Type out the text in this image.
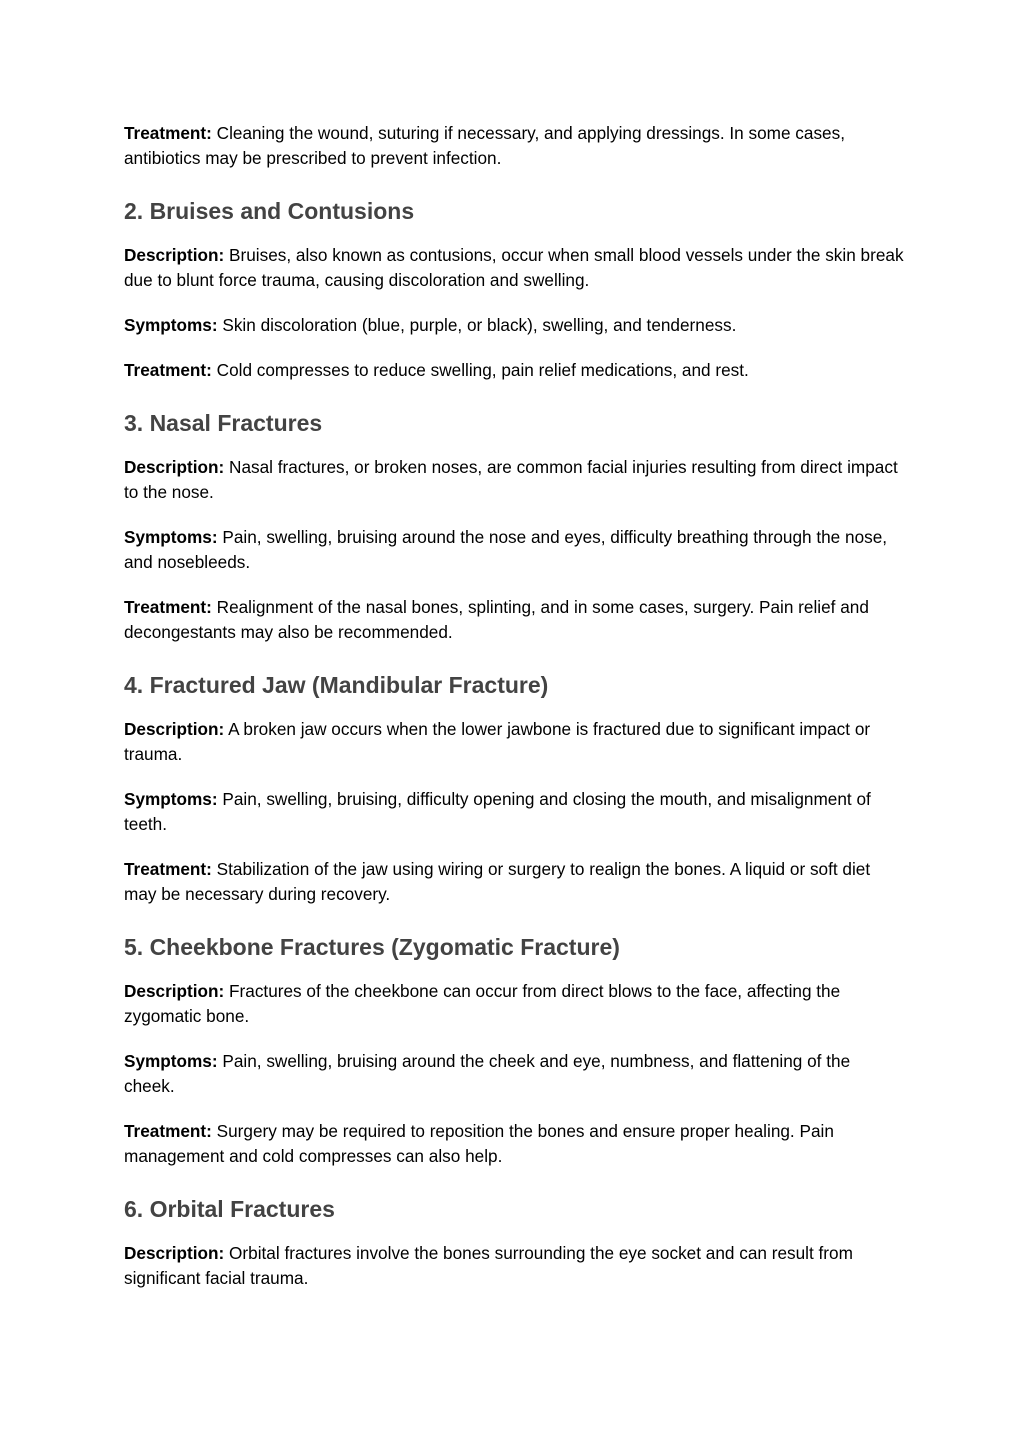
Treatment: Cleaning the wound, suturing if necessary, and applying dressings. In some cases, antibiotics may be prescribed to prevent infection.

2. Bruises and Contusions

Description: Bruises, also known as contusions, occur when small blood vessels under the skin break due to blunt force trauma, causing discoloration and swelling.

Symptoms: Skin discoloration (blue, purple, or black), swelling, and tenderness.

Treatment: Cold compresses to reduce swelling, pain relief medications, and rest.

3. Nasal Fractures

Description: Nasal fractures, or broken noses, are common facial injuries resulting from direct impact to the nose.

Symptoms: Pain, swelling, bruising around the nose and eyes, difficulty breathing through the nose, and nosebleeds.

Treatment: Realignment of the nasal bones, splinting, and in some cases, surgery. Pain relief and decongestants may also be recommended.

4. Fractured Jaw (Mandibular Fracture)

Description: A broken jaw occurs when the lower jawbone is fractured due to significant impact or trauma.

Symptoms: Pain, swelling, bruising, difficulty opening and closing the mouth, and misalignment of teeth.

Treatment: Stabilization of the jaw using wiring or surgery to realign the bones. A liquid or soft diet may be necessary during recovery.

5. Cheekbone Fractures (Zygomatic Fracture)

Description: Fractures of the cheekbone can occur from direct blows to the face, affecting the zygomatic bone.

Symptoms: Pain, swelling, bruising around the cheek and eye, numbness, and flattening of the cheek.

Treatment: Surgery may be required to reposition the bones and ensure proper healing. Pain management and cold compresses can also help.

6. Orbital Fractures

Description: Orbital fractures involve the bones surrounding the eye socket and can result from significant facial trauma.
